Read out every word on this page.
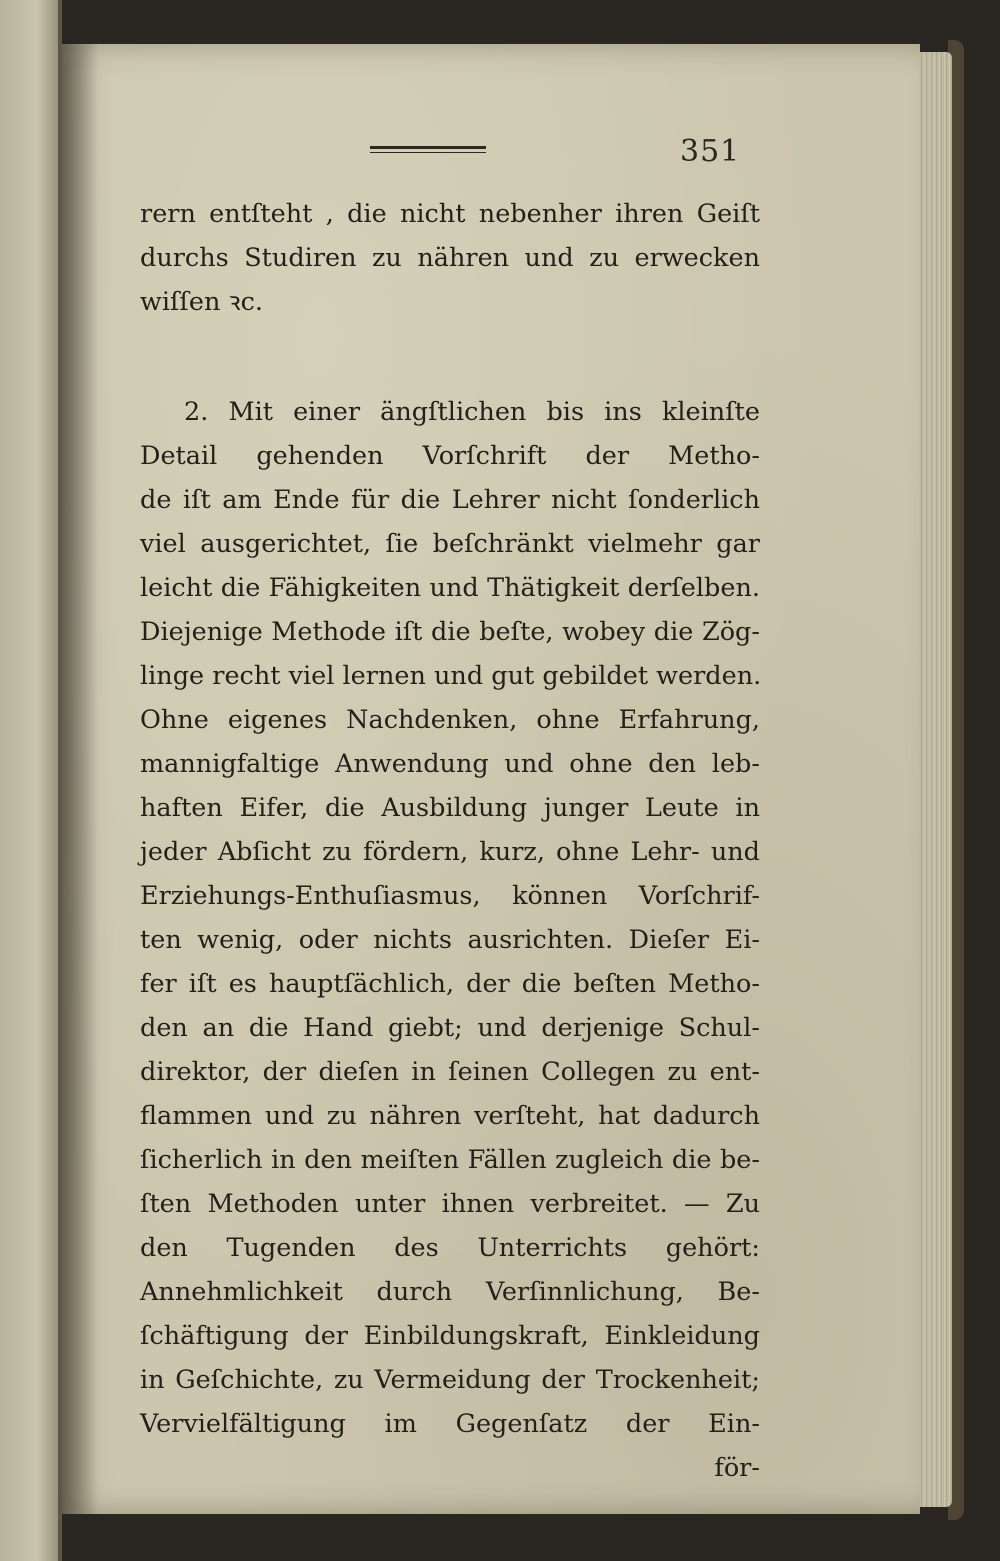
351
rern entſteht , die nicht nebenher ihren Geiſt
durchs Studiren zu nähren und zu erwecken
wiſſen ꝛc.
2. Mit einer ängſtlichen bis ins kleinſte
Detail gehenden Vorſchrift der Metho-
de iſt am Ende für die Lehrer nicht ſonderlich
viel ausgerichtet, ſie beſchränkt vielmehr gar
leicht die Fähigkeiten und Thätigkeit derſelben.
Diejenige Methode iſt die beſte, wobey die Zög-
linge recht viel lernen und gut gebildet werden.
Ohne eigenes Nachdenken, ohne Erfahrung,
mannigfaltige Anwendung und ohne den leb-
haften Eifer, die Ausbildung junger Leute in
jeder Abſicht zu fördern, kurz, ohne Lehr- und
Erziehungs-Enthuſiasmus, können Vorſchrif-
ten wenig, oder nichts ausrichten. Dieſer Ei-
fer iſt es hauptſächlich, der die beſten Metho-
den an die Hand giebt; und derjenige Schul-
direktor, der dieſen in ſeinen Collegen zu ent-
flammen und zu nähren verſteht, hat dadurch
ſicherlich in den meiſten Fällen zugleich die be-
ſten Methoden unter ihnen verbreitet. — Zu
den Tugenden des Unterrichts gehört:
Annehmlichkeit durch Verſinnlichung, Be-
ſchäftigung der Einbildungskraft, Einkleidung
in Geſchichte, zu Vermeidung der Trockenheit;
Vervielfältigung im Gegenſatz der Ein-
för-
